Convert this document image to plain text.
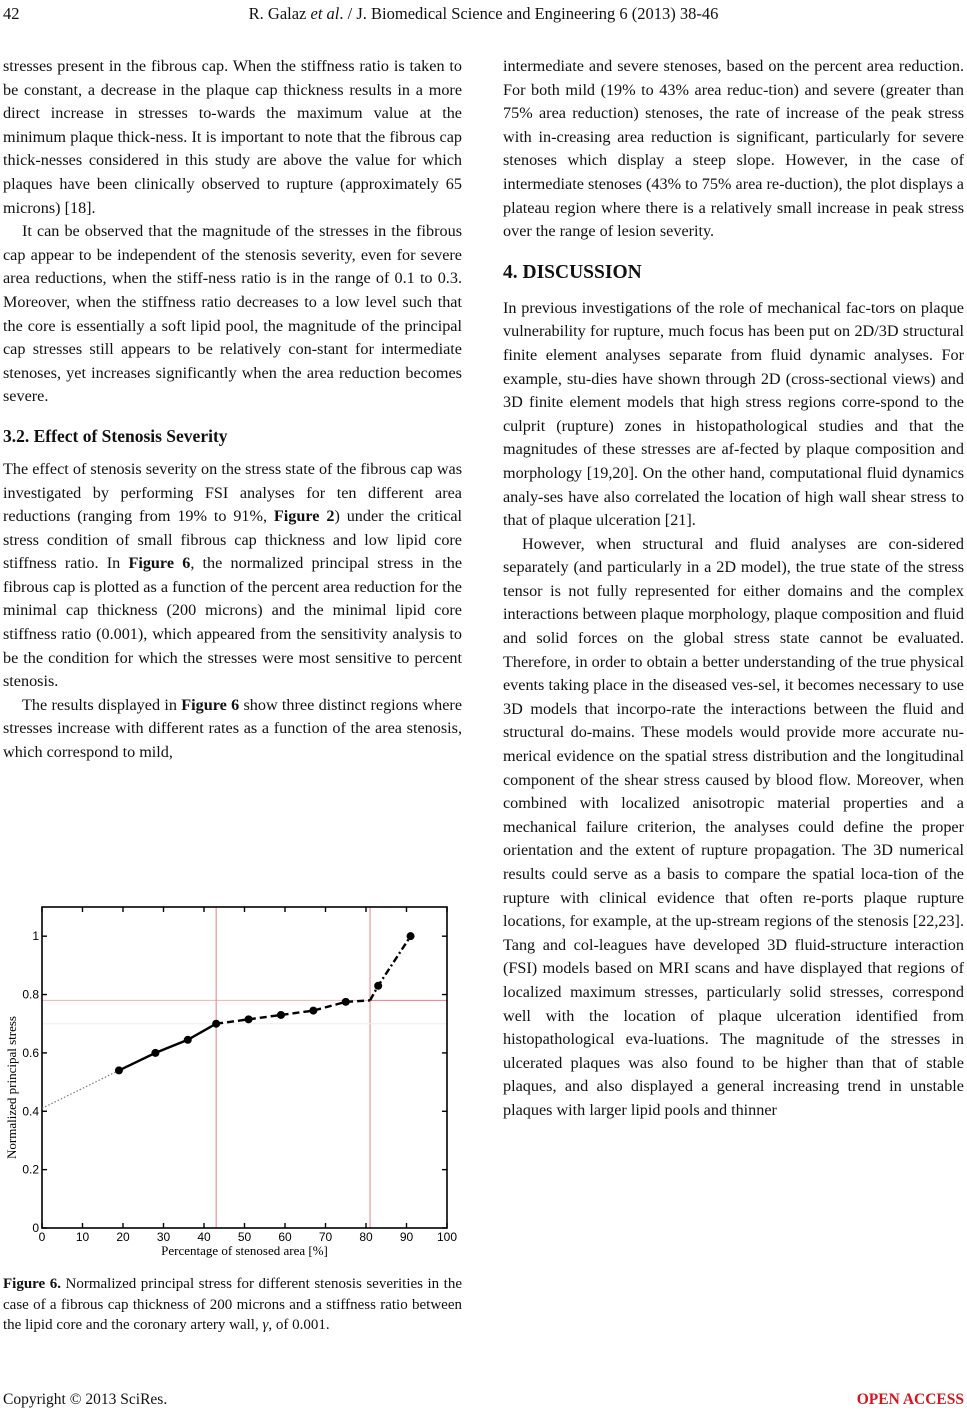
42	R. Galaz et al. / J. Biomedical Science and Engineering 6 (2013) 38-46

stresses present in the fibrous cap. When the stiffness ratio is taken to be constant, a decrease in the plaque cap thickness results in a more direct increase in stresses to-wards the maximum value at the minimum plaque thick-ness. It is important to note that the fibrous cap thick-nesses considered in this study are above the value for which plaques have been clinically observed to rupture (approximately 65 microns) [18].

It can be observed that the magnitude of the stresses in the fibrous cap appear to be independent of the stenosis severity, even for severe area reductions, when the stiff-ness ratio is in the range of 0.1 to 0.3. Moreover, when the stiffness ratio decreases to a low level such that the core is essentially a soft lipid pool, the magnitude of the principal cap stresses still appears to be relatively con-stant for intermediate stenoses, yet increases significantly when the area reduction becomes severe.

3.2. Effect of Stenosis Severity

The effect of stenosis severity on the stress state of the fibrous cap was investigated by performing FSI analyses for ten different area reductions (ranging from 19% to 91%, Figure 2) under the critical stress condition of small fibrous cap thickness and low lipid core stiffness ratio. In Figure 6, the normalized principal stress in the fibrous cap is plotted as a function of the percent area reduction for the minimal cap thickness (200 microns) and the minimal lipid core stiffness ratio (0.001), which appeared from the sensitivity analysis to be the condition for which the stresses were most sensitive to percent stenosis.

The results displayed in Figure 6 show three distinct regions where stresses increase with different rates as a function of the area stenosis, which correspond to mild,

0	10 20 30 40 50 60 70 80 90 100
0
0.2
0.4
0.6
0.8
1
Percentage of stenosed area [%]
Normalized principal stress
Figure 6. Normalized principal stress for different stenosis severities in the case of a fibrous cap thickness of 200 microns and a stiffness ratio between the lipid core and the coronary artery wall, γ, of 0.001.

intermediate and severe stenoses, based on the percent area reduction. For both mild (19% to 43% area reduc-tion) and severe (greater than 75% area reduction) stenoses, the rate of increase of the peak stress with in-creasing area reduction is significant, particularly for severe stenoses which display a steep slope. However, in the case of intermediate stenoses (43% to 75% area re-duction), the plot displays a plateau region where there is a relatively small increase in peak stress over the range of lesion severity.

4. DISCUSSION

In previous investigations of the role of mechanical fac-tors on plaque vulnerability for rupture, much focus has been put on 2D/3D structural finite element analyses separate from fluid dynamic analyses. For example, stu-dies have shown through 2D (cross-sectional views) and 3D finite element models that high stress regions corre-spond to the culprit (rupture) zones in histopathological studies and that the magnitudes of these stresses are af-fected by plaque composition and morphology [19,20]. On the other hand, computational fluid dynamics analy-ses have also correlated the location of high wall shear stress to that of plaque ulceration [21].

However, when structural and fluid analyses are con-sidered separately (and particularly in a 2D model), the true state of the stress tensor is not fully represented for either domains and the complex interactions between plaque morphology, plaque composition and fluid and solid forces on the global stress state cannot be evaluated. Therefore, in order to obtain a better understanding of the true physical events taking place in the diseased ves-sel, it becomes necessary to use 3D models that incorpo-rate the interactions between the fluid and structural do-mains. These models would provide more accurate nu-merical evidence on the spatial stress distribution and the longitudinal component of the shear stress caused by blood flow. Moreover, when combined with localized anisotropic material properties and a mechanical failure criterion, the analyses could define the proper orientation and the extent of rupture propagation. The 3D numerical results could serve as a basis to compare the spatial loca-tion of the rupture with clinical evidence that often re-ports plaque rupture locations, for example, at the up-stream regions of the stenosis [22,23]. Tang and col-leagues have developed 3D fluid-structure interaction (FSI) models based on MRI scans and have displayed that regions of localized maximum stresses, particularly solid stresses, correspond well with the location of plaque ulceration identified from histopathological eva-luations. The magnitude of the stresses in ulcerated plaques was also found to be higher than that of stable plaques, and also displayed a general increasing trend in unstable plaques with larger lipid pools and thinner

Copyright © 2013 SciRes.	OPEN ACCESS
